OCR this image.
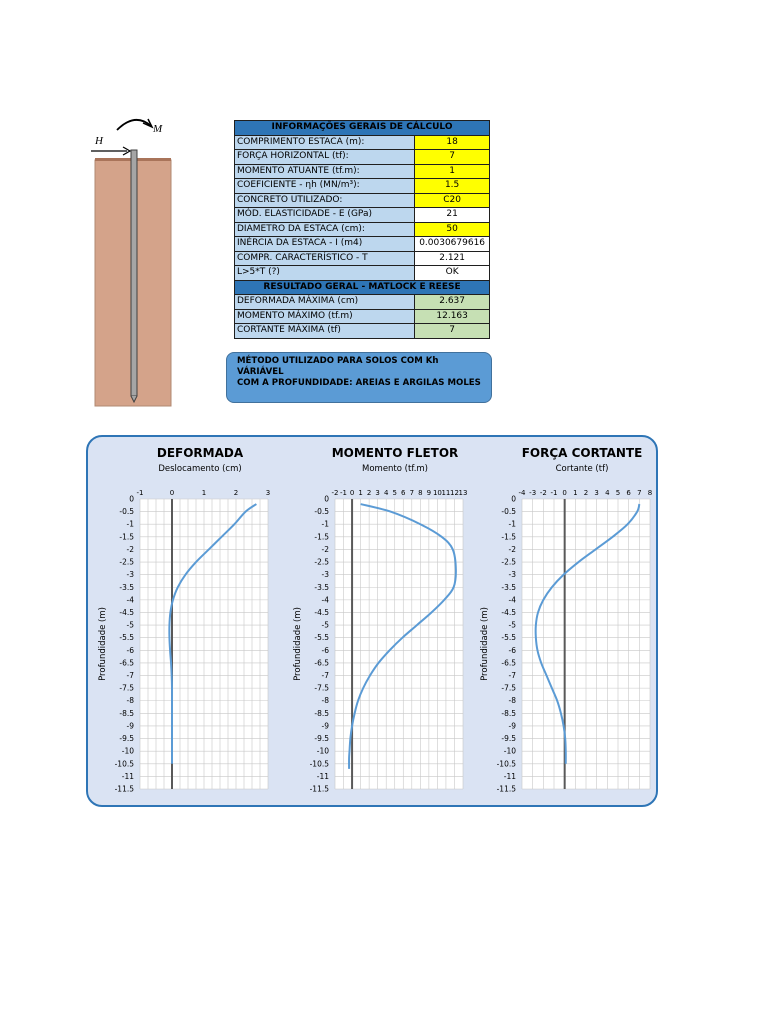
H
M	INFORMAÇÕES GERAIS DE CÁLCULO	
COMPRIMENTO ESTACA (m):	18
FORÇA HORIZONTAL (tf):	7
MOMENTO ATUANTE (tf.m):	1
COEFICIENTE - ηh (MN/m³):	1.5
CONCRETO UTILIZADO:	C20
MÓD. ELASTICIDADE - E (GPa)	21
DIAMETRO DA ESTACA (cm):	50
INÉRCIA DA ESTACA - I (m4)	0.0030679616
COMPR. CARACTERÍSTICO - T	2.121
L>5*T (?)	OK
RESULTADO GERAL - MATLOCK E REESE	
DEFORMADA MÁXIMA (cm)	2.637
MOMENTO MÁXIMO (tf.m)	12.163
CORTANTE MÁXIMA (tf)	7
MÉTODO UTILIZADO PARA SOLOS COM Kh VÁRIÁVEL
COM A PROFUNDIDADE: AREIAS E ARGILAS MOLES
0
-0.5
-1
-1.5
-2
-2.5
-3
-3.5
-4
-4.5
-5
-5.5
-6
-6.5
-7
-7.5
-8
-8.5
-9
-9.5
-10
-10.5
-11
-11.5
-1	0	1	2	3
DEFORMADA
Deslocamento (cm)
Profundidade (m)
0
-0.5
-1
-1.5
-2
-2.5
-3
-3.5
-4
-4.5
-5
-5.5
-6
-6.5
-7
-7.5
-8
-8.5
-9
-9.5
-10
-10.5
-11
-11.5
-2 -1 0 1 2 3 4 5 6 7 8 9 10 11 12 13
MOMENTO FLETOR
Momento (tf.m)
Profundidade (m)
0
-0.5
-1
-1.5
-2
-2.5
-3
-3.5
-4
-4.5
-5
-5.5
-6
-6.5
-7
-7.5
-8
-8.5
-9
-9.5
-10
-10.5
-11
-11.5
-4 -3 -2 -1 0 1 2 3 4 5 6 7 8
FORÇA CORTANTE
Cortante (tf)
Profundidade (m)
